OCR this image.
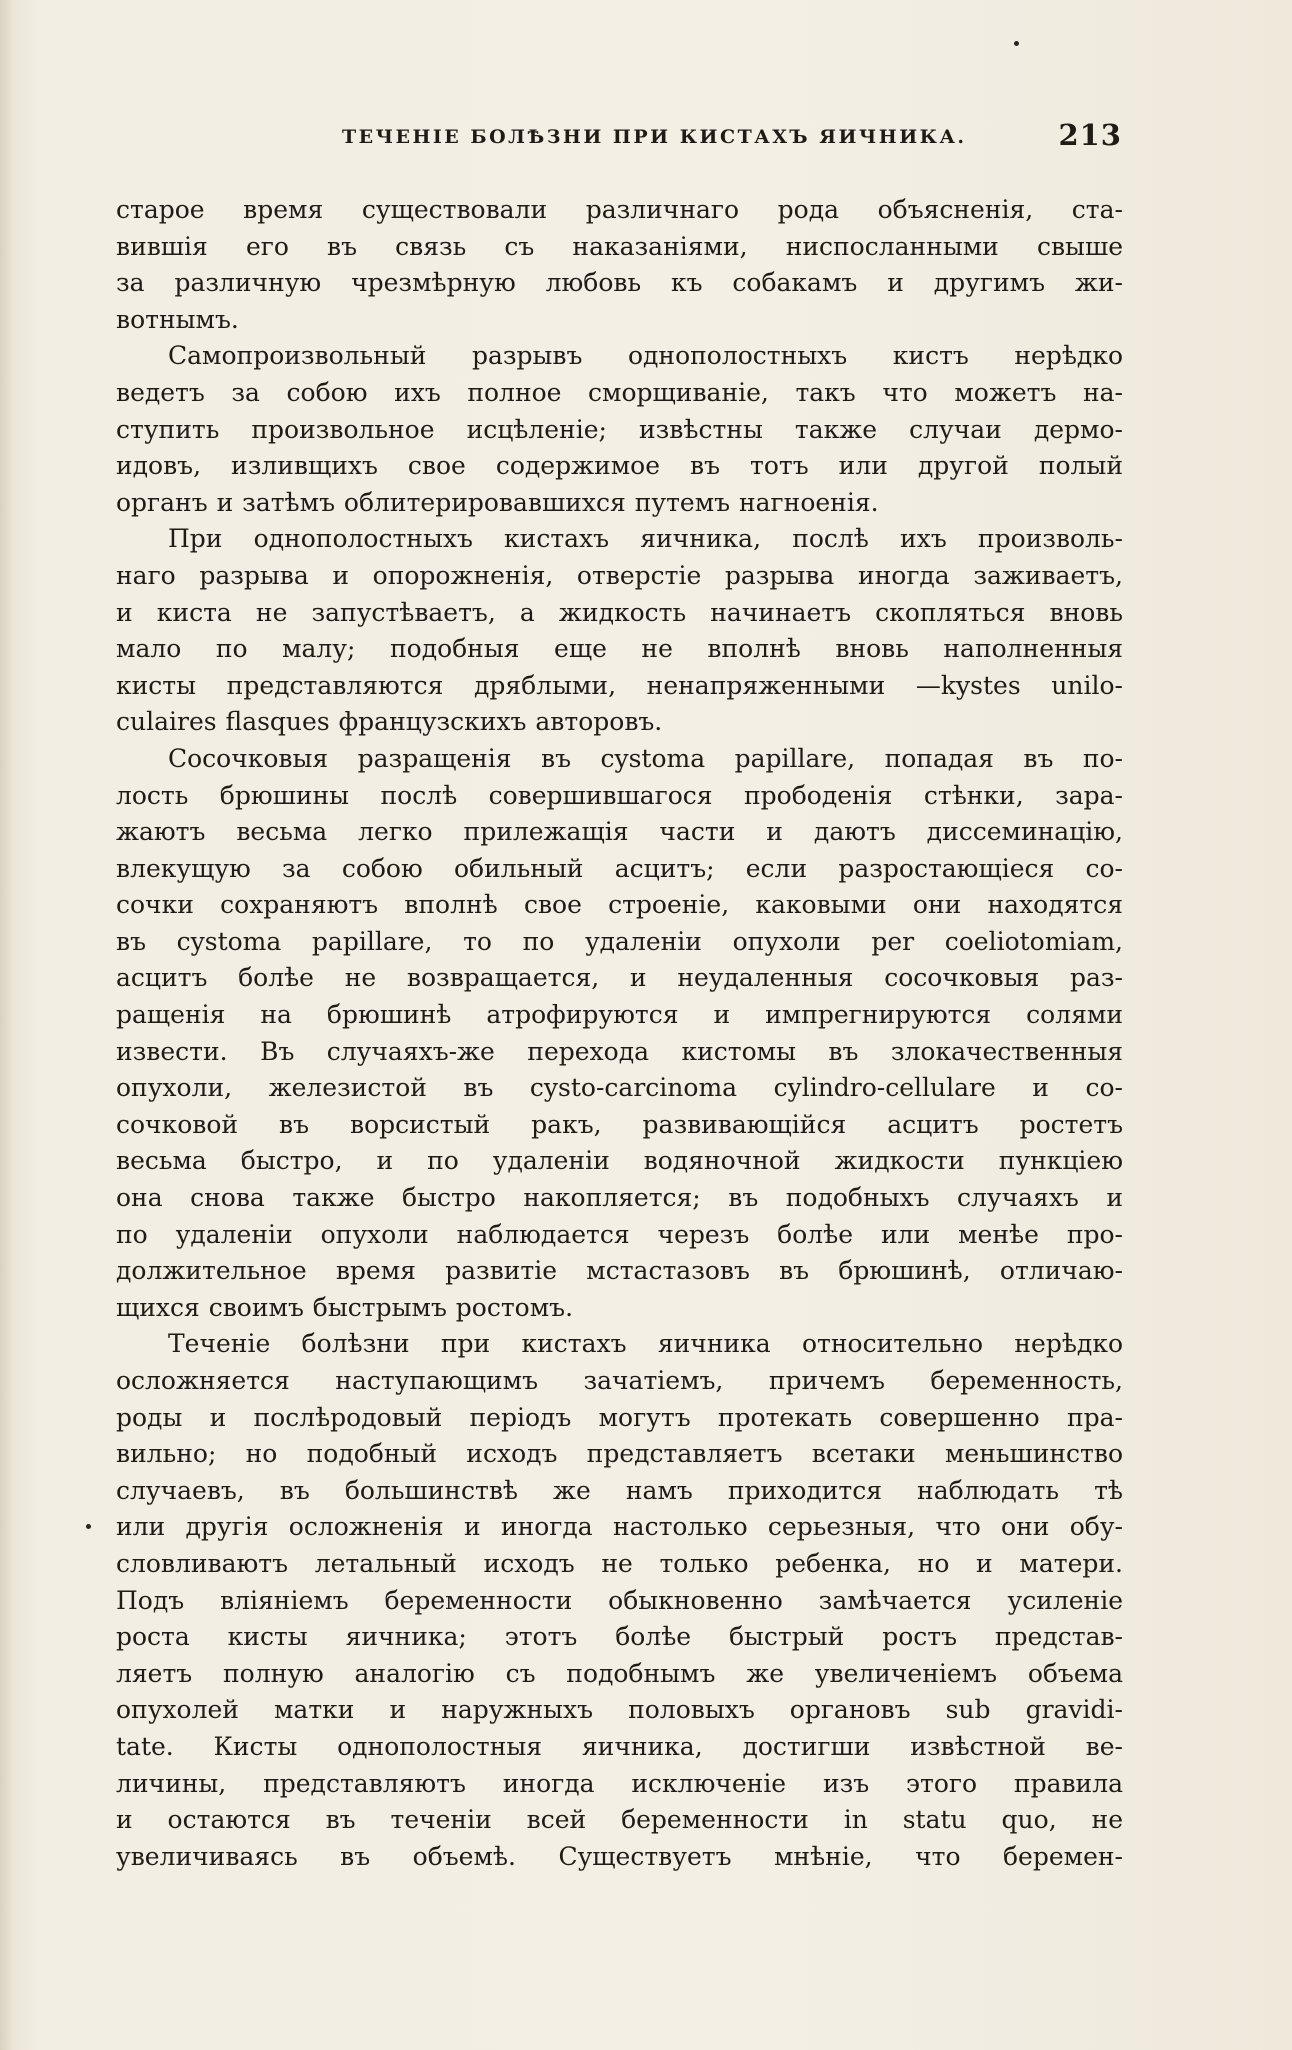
ТЕЧЕНІЕ БОЛѢЗНИ ПРИ КИСТАХЪ ЯИЧНИКА.	213
старое время существовали различнаго рода объясненія, ста-
вившія его въ связь съ наказаніями, ниспосланными свыше
за различную чрезмѣрную любовь къ собакамъ и другимъ жи-
вотнымъ.
Самопроизвольный разрывъ однополостныхъ кистъ нерѣдко
ведетъ за собою ихъ полное сморщиваніе, такъ что можетъ на-
ступить произвольное исцѣленіе; извѣстны также случаи дермо-
идовъ, изливщихъ свое содержимое въ тотъ или другой полый
органъ и затѣмъ облитерировавшихся путемъ нагноенія.
При однополостныхъ кистахъ яичника, послѣ ихъ произволь-
наго разрыва и опорожненія, отверстіе разрыва иногда заживаетъ,
и киста не запустѣваетъ, а жидкость начинаетъ скопляться вновь
мало по малу; подобныя еще не вполнѣ вновь наполненныя
кисты представляются дряблыми, ненапряженными —kystes unilo-
culaires flasques французскихъ авторовъ.
Сосочковыя разращенія въ cystoma papillare, попадая въ по-
лость брюшины послѣ совершившагося прободенія стѣнки, зара-
жаютъ весьма легко прилежащія части и даютъ диссеминацію,
влекущую за собою обильный асцитъ; если разростающіеся со-
сочки сохраняютъ вполнѣ свое строеніе, каковыми они находятся
въ cystoma papillare, то по удаленіи опухоли per coeliotomiam,
асцитъ болѣе не возвращается, и неудаленныя сосочковыя раз-
ращенія на брюшинѣ атрофируются и импрегнируются солями
извести. Въ случаяхъ-же перехода кистомы въ злокачественныя
опухоли, железистой въ cysto-carcinoma cylindro-cellulare и со-
сочковой въ ворсистый ракъ, развивающійся асцитъ ростетъ
весьма быстро, и по удаленіи водяночной жидкости пункціею
она снова также быстро накопляется; въ подобныхъ случаяхъ и
по удаленіи опухоли наблюдается черезъ болѣе или менѣе про-
должительное время развитіе мстастазовъ въ брюшинѣ, отличаю-
щихся своимъ быстрымъ ростомъ.
Теченіе болѣзни при кистахъ яичника относительно нерѣдко
осложняется наступающимъ зачатіемъ, причемъ беременность,
роды и послѣродовый періодъ могутъ протекать совершенно пра-
вильно; но подобный исходъ представляетъ всетаки меньшинство
случаевъ, въ большинствѣ же намъ приходится наблюдать тѣ
или другія осложненія и иногда настолько серьезныя, что они обу-
словливаютъ летальный исходъ не только ребенка, но и матери.
Подъ вліяніемъ беременности обыкновенно замѣчается усиленіе
роста кисты яичника; этотъ болѣе быстрый ростъ представ-
ляетъ полную аналогію съ подобнымъ же увеличеніемъ объема
опухолей матки и наружныхъ половыхъ органовъ sub gravidi-
tate. Кисты однополостныя яичника, достигши извѣстной ве-
личины, представляютъ иногда исключеніе изъ этого правила
и остаются въ теченіи всей беременности in statu quo, не
увеличиваясь въ объемѣ. Существуетъ мнѣніе, что беремен-
